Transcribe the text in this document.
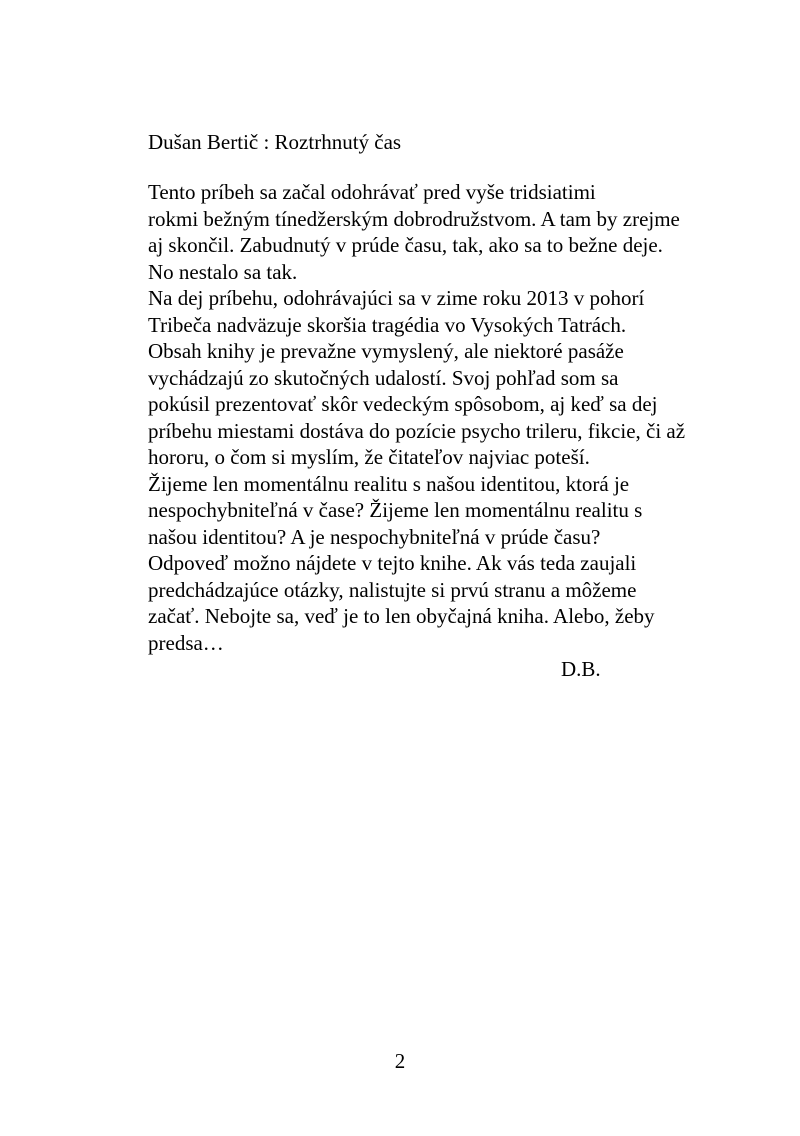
Dušan Bertič : Roztrhnutý čas

Tento príbeh sa začal odohrávať pred vyše tridsiatimi
rokmi bežným tínedžerským dobrodružstvom. A tam by zrejme
aj skončil. Zabudnutý v prúde času, tak, ako sa to bežne deje.
No nestalo sa tak.

Na dej príbehu, odohrávajúci sa v zime roku 2013 v pohorí
Tribeča nadväzuje skoršia tragédia vo Vysokých Tatrách.

Obsah knihy je prevažne vymyslený, ale niektoré pasáže
vychádzajú zo skutočných udalostí. Svoj pohľad som sa
pokúsil prezentovať skôr vedeckým spôsobom, aj keď sa dej
príbehu miestami dostáva do pozície psycho trileru, fikcie, či až
hororu, o čom si myslím, že čitateľov najviac poteší.

Žijeme len momentálnu realitu s našou identitou, ktorá je
nespochybniteľná v čase? Žijeme len momentálnu realitu s
našou identitou? A je nespochybniteľná v prúde času?

Odpoveď možno nájdete v tejto knihe. Ak vás teda zaujali
predchádzajúce otázky, nalistujte si prvú stranu a môžeme
začať. Nebojte sa, veď je to len obyčajná kniha. Alebo, žeby
predsa…

D.B.

2
